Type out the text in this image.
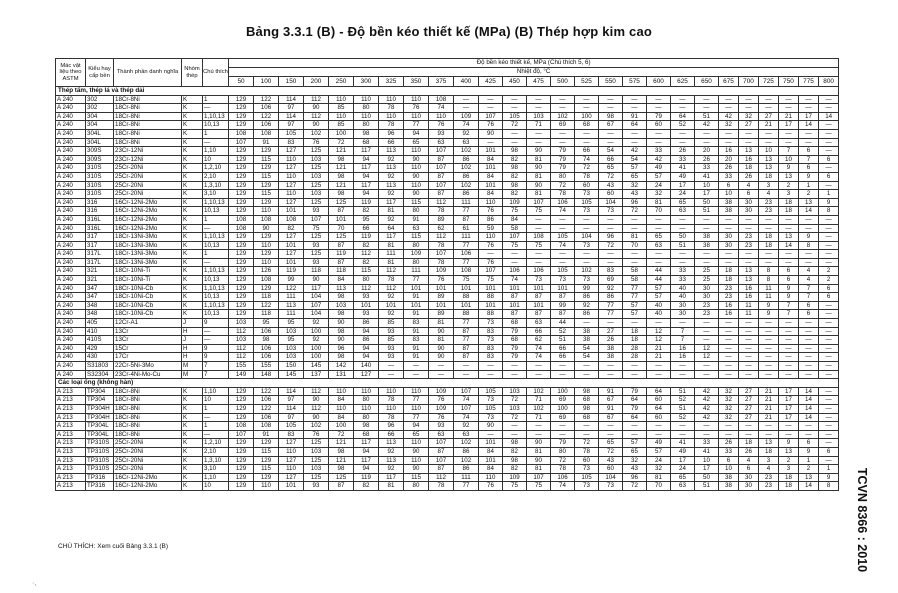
Bảng 3.3.1 (B) - Độ bền kéo thiết kế (MPa) (B) Thép hợp kim cao
Mác vật liệu theo ASTM	Kiểu hay cấp bền	Thành phần danh nghĩa	Nhóm thép	Chú thích	Độ bền kéo thiết kế, MPa (Chú thích 5, 6)																									
					Nhiệt độ, °C																									
					50	100	150	200	250	300	325	350	375	400	425	450	475	500	525	550	575	600	625	650	675	700	725	750	775	800
Thép tấm, thép lá và thép dải																														
A 240	302	18Cr-8Ni	K	1	129	122	114	112	110	110	110	110	108	—	—	—	—	—	—	—	—	—	—	—	—	—	—	—	—	—
A 240	302	18Cr-8Ni	K	—	129	106	97	90	85	80	78	76	74	—	—	—	—	—	—	—	—	—	—	—	—	—	—	—	—	—
A 240	304	18Cr-8Ni	K	1,10,13	129	122	114	112	110	110	110	110	110	109	107	105	103	102	100	98	91	79	64	51	42	32	27	21	17	14
A 240	304	18Cr-8Ni	K	10,13	129	106	97	90	85	80	78	77	76	74	76	72	71	69	68	67	64	60	52	42	32	27	21	17	14	—
A 240	304L	18Cr-8Ni	K	1	108	108	105	102	100	98	96	94	93	92	90	—	—	—	—	—	—	—	—	—	—	—	—	—	—	—
A 240	304L	18Cr-8Ni	K	—	107	91	83	76	72	68	66	65	63	63	—	—	—	—	—	—	—	—	—	—	—	—	—	—	—	—
A 240	309S	23Cr-12Ni	K	1,10	129	129	127	125	121	117	113	110	107	102	101	98	90	79	66	54	42	33	26	20	16	13	10	7	6	—
A 240	309S	23Cr-12Ni	K	10	129	115	110	103	98	94	92	90	87	86	84	82	81	79	74	66	54	42	33	26	20	16	13	10	7	6
A 240	310S	25Cr-20Ni	K	1,2,10	129	129	127	125	121	117	113	110	107	102	101	98	90	79	72	65	57	49	41	33	26	18	13	9	6	—
A 240	310S	25Cr-20Ni	K	2,10	129	115	110	103	98	94	92	90	87	86	84	82	81	80	78	72	65	57	49	41	33	26	18	13	9	6
A 240	310S	25Cr-20Ni	K	1,3,10	129	129	127	125	121	117	113	110	107	102	101	98	90	72	60	43	32	24	17	10	6	4	3	2	1	—
A 240	310S	25Cr-20Ni	K	3,10	129	115	110	103	98	94	92	90	87	86	84	82	81	78	73	60	43	32	24	17	10	6	4	3	2	1
A 240	316	16Cr-12Ni-2Mo	K	1,10,13	129	129	127	125	125	119	117	115	112	111	110	109	107	106	105	104	96	81	65	50	38	30	23	18	13	9
A 240	316	16Cr-12Ni-2Mo	K	10,13	129	110	101	93	87	82	81	80	78	77	76	75	75	74	73	73	72	70	63	51	38	30	23	18	14	8
A 240	316L	16Cr-12Ni-2Mo	K	1	108	108	108	107	101	95	92	91	89	87	86	84	—	—	—	—	—	—	—	—	—	—	—	—	—	—
A 240	316L	16Cr-12Ni-2Mo	K	—	108	90	82	75	70	66	64	63	62	61	59	58	—	—	—	—	—	—	—	—	—	—	—	—	—	—
A 240	317	18Cr-13Ni-3Mo	K	1,10,13	129	129	127	125	125	119	117	115	112	111	110	107	108	105	104	96	81	65	50	38	30	23	18	13	9	—
A 240	317	18Cr-13Ni-3Mo	K	10,13	129	110	101	93	87	82	81	80	78	77	76	75	75	74	73	72	70	63	51	38	30	23	18	14	8	—
A 240	317L	18Cr-13Ni-3Mo	K	1	129	129	127	125	119	112	111	109	107	106	—	—	—	—	—	—	—	—	—	—	—	—	—	—	—	—
A 240	317L	18Cr-13Ni-3Mo	K	—	129	110	101	93	87	82	81	80	78	77	76	—	—	—	—	—	—	—	—	—	—	—	—	—	—	—
A 240	321	18Cr-10Ni-Ti	K	1,10,13	129	126	119	118	118	115	112	111	109	108	107	106	106	105	102	83	58	44	33	25	18	13	8	6	4	2
A 240	321	18Cr-10Ni-Ti	K	10,13	129	108	99	90	84	80	78	77	76	75	75	74	73	73	73	69	58	44	33	25	18	13	8	6	4	2
A 240	347	18Cr-10Ni-Cb	K	1,10,13	129	129	122	117	113	112	112	101	101	101	101	101	101	101	99	92	77	57	40	30	23	16	11	9	7	6
A 240	347	18Cr-10Ni-Cb	K	10,13	129	118	111	104	98	93	92	91	89	88	88	87	87	87	86	86	77	57	40	30	23	16	11	9	7	6
A 240	348	18Cr-10Ni-Cb	K	1,10,13	129	122	113	107	103	101	101	101	101	101	101	101	101	99	92	77	57	40	30	23	16	11	9	7	6	—
A 240	348	18Cr-10Ni-Cb	K	10,13	129	118	111	104	98	93	92	91	89	88	88	87	87	87	86	77	57	40	30	23	16	11	9	7	6	—
A 240	405	12Cr-A1	J	9	103	95	95	92	90	86	85	83	81	77	73	68	63	44	—	—	—	—	—	—	—	—	—	—	—	—
A 240	410	13Cr	H	—	112	106	103	100	98	94	93	91	90	87	83	79	66	52	38	27	18	12	7	—	—	—	—	—	—	—
A 240	410S	13Cr	J	—	103	98	95	92	90	86	85	83	81	77	73	68	62	51	38	26	18	12	7	—	—	—	—	—	—	—
A 240	429	15Cr	H	9	112	106	103	100	96	94	93	91	90	87	83	79	74	66	54	38	28	21	16	12	—	—	—	—	—	—
A 240	430	17Cr	H	9	112	106	103	100	98	94	93	91	90	87	83	79	74	66	54	38	28	21	16	12	—	—	—	—	—	—
A 240	S31803	22Cr-5Ni-3Mo	M	7	155	155	150	145	142	140	—	—	—	—	—	—	—	—	—	—	—	—	—	—	—	—	—	—	—	—
A 240	S32304	23Cr-4Ni-Mo-Cu	M	7	149	148	145	137	131	127	—	—	—	—	—	—	—	—	—	—	—	—	—	—	—	—	—	—	—	—
Các loại ống (không hàn)																														
A 213	TP304	18Cr-8Ni	K	1,10	129	122	114	112	110	110	110	110	109	107	105	103	102	100	98	91	79	64	51	42	32	27	21	17	14	—
A 213	TP304	18Cr-8Ni	K	10	129	106	97	90	84	80	78	77	76	74	73	72	71	69	68	67	64	60	52	42	32	27	21	17	14	—
A 213	TP304H	18Cr-8Ni	K	1	129	122	114	112	110	110	110	110	109	107	105	103	102	100	98	91	79	64	51	42	32	27	21	17	14	—
A 213	TP304H	18Cr-8Ni	K	—	129	106	97	90	84	80	78	77	76	74	73	72	71	69	68	67	64	60	52	42	32	27	21	17	14	—
A 213	TP304L	18Cr-8Ni	K	1	108	108	105	102	100	98	96	94	93	92	90	—	—	—	—	—	—	—	—	—	—	—	—	—	—	—
A 213	TP304L	18Cr-8Ni	K	—	107	91	83	76	72	68	66	65	63	63	—	—	—	—	—	—	—	—	—	—	—	—	—	—	—	—
A 213	TP310S	25Cr-20Ni	K	1,2,10	129	129	127	125	121	117	113	110	107	102	101	98	90	79	72	65	57	49	41	33	26	18	13	9	6	—
A 213	TP310S	25Cr-20Ni	K	2,10	129	115	110	103	98	94	92	90	87	86	84	82	81	80	78	72	65	57	49	41	33	26	18	13	9	6
A 213	TP310S	25Cr-20Ni	K	1,3,10	129	129	127	125	121	117	113	110	107	102	101	98	90	72	60	43	32	24	17	10	6	4	3	2	1	—
A 213	TP310S	25Cr-20Ni	K	3,10	129	115	110	103	98	94	92	90	87	86	84	82	81	78	73	60	43	32	24	17	10	6	4	3	2	1
A 213	TP316	16Cr-12Ni-2Mo	K	1,10	129	129	127	125	125	119	117	115	112	111	110	109	107	106	105	104	96	81	65	50	38	30	23	18	13	9
A 213	TP316	16Cr-12Ni-2Mo	K	10	129	110	101	93	87	82	81	80	78	77	76	75	75	74	73	73	72	70	63	51	38	30	23	18	14	8
CHÚ THÍCH: Xem cuối Bảng 3.3.1 (B)	TCVN 8366 : 2010
·,
